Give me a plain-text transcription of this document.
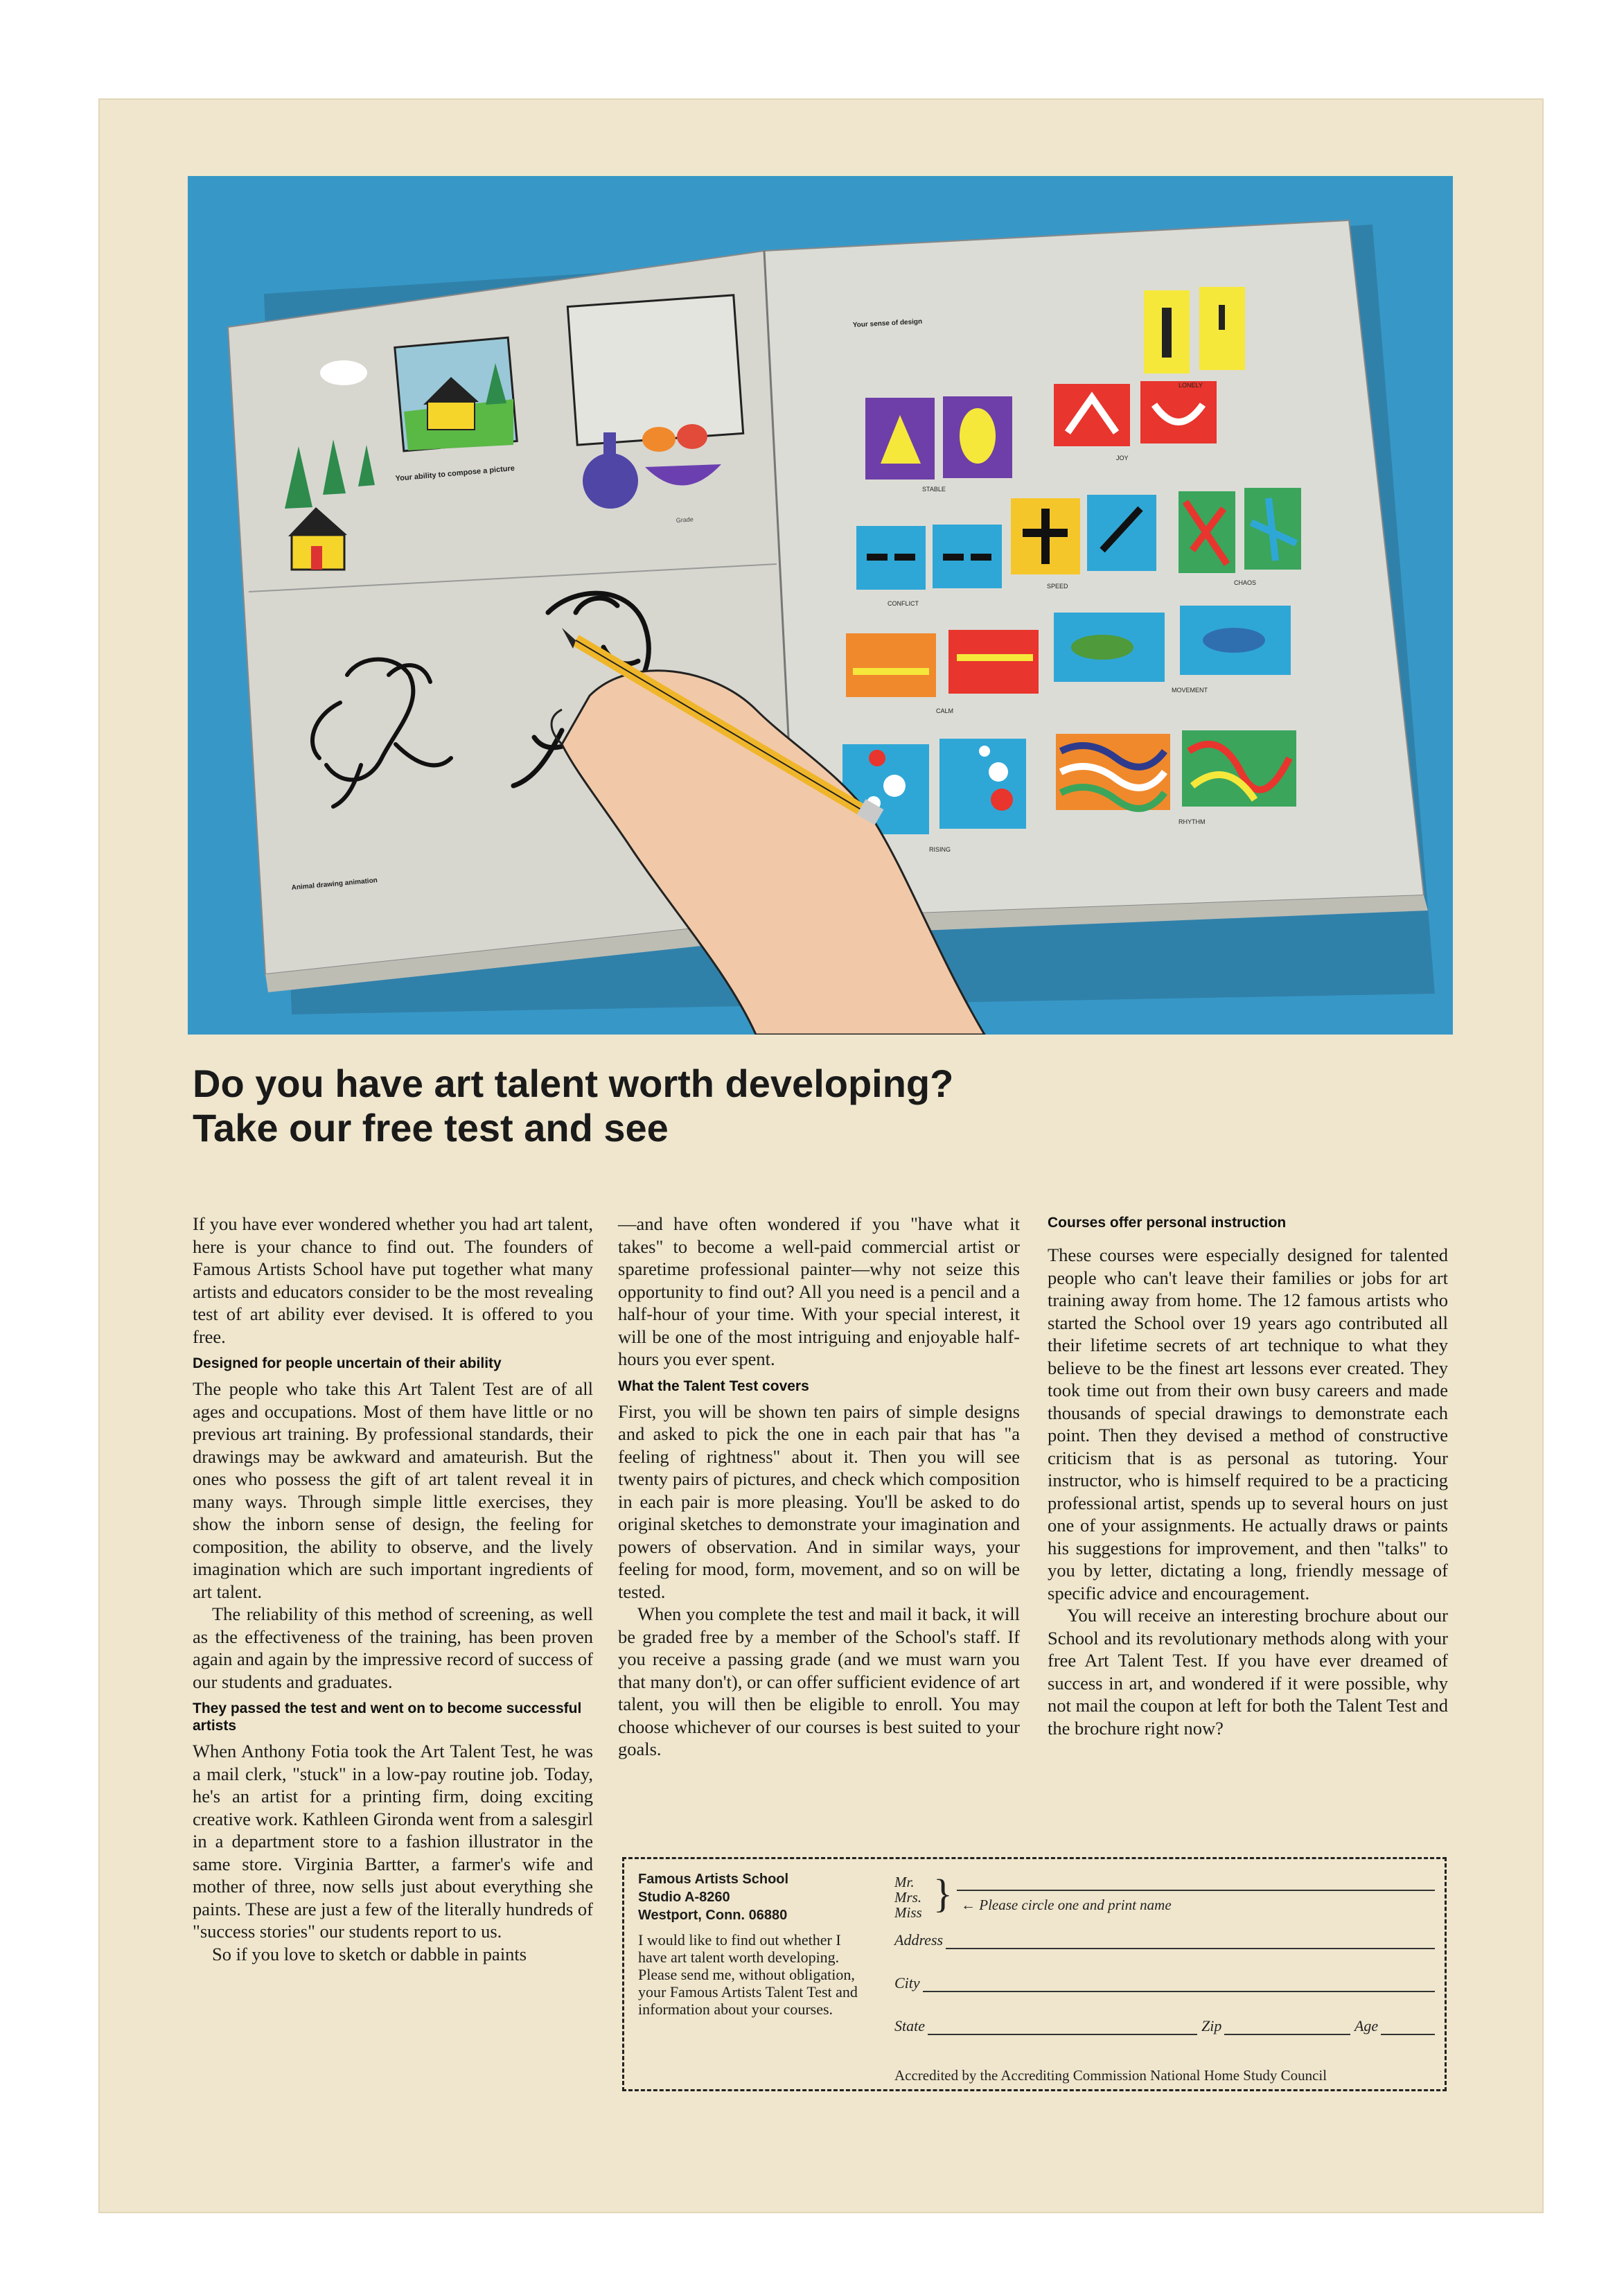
Your ability to compose a picture
Grade
Animal drawing animation
Your sense of design
LONELY
STABLE
JOY
CONFLICT
SPEED	CHAOS
CALM
MOVEMENT
RISING
RHYTHM
Do you have art talent worth developing?
Take our free test and see

If you have ever wondered whether you had art talent, here is your chance to find out. The founders of Famous Artists School have put together what many artists and educators consider to be the most revealing test of art ability ever devised. It is offered to you free.

Designed for people uncertain of their ability

The people who take this Art Talent Test are of all ages and occupations. Most of them have little or no previous art training. By professional standards, their drawings may be awkward and amateurish. But the ones who possess the gift of art talent reveal it in many ways. Through simple little exercises, they show the inborn sense of design, the feeling for composition, the ability to observe, and the lively imagination which are such important ingredients of art talent.

The reliability of this method of screening, as well as the effectiveness of the training, has been proven again and again by the impressive record of success of our students and graduates.

They passed the test and went on to become successful artists

When Anthony Fotia took the Art Talent Test, he was a mail clerk, "stuck" in a low-pay routine job. Today, he's an artist for a printing firm, doing exciting creative work. Kathleen Gironda went from a salesgirl in a department store to a fashion illustrator in the same store. Virginia Bartter, a farmer's wife and mother of three, now sells just about everything she paints. These are just a few of the literally hundreds of "success stories" our students report to us.

So if you love to sketch or dabble in paints

—and have often wondered if you "have what it takes" to become a well-paid commercial artist or sparetime professional painter—why not seize this opportunity to find out? All you need is a pencil and a half-hour of your time. With your special interest, it will be one of the most intriguing and enjoyable half-hours you ever spent.

What the Talent Test covers

First, you will be shown ten pairs of simple designs and asked to pick the one in each pair that has "a feeling of rightness" about it. Then you will see twenty pairs of pictures, and check which composition in each pair is more pleasing. You'll be asked to do original sketches to demonstrate your imagination and powers of observation. And in similar ways, your feeling for mood, form, movement, and so on will be tested.

When you complete the test and mail it back, it will be graded free by a member of the School's staff. If you receive a passing grade (and we must warn you that many don't), or can offer sufficient evidence of art talent, you will then be eligible to enroll. You may choose whichever of our courses is best suited to your goals.

Courses offer personal instruction

These courses were especially designed for talented people who can't leave their families or jobs for art training away from home. The 12 famous artists who started the School over 19 years ago contributed all their lifetime secrets of art technique to what they believe to be the finest art lessons ever created. They took time out from their own busy careers and made thousands of special drawings to demonstrate each point. Then they devised a method of constructive criticism that is as personal as tutoring. Your instructor, who is himself required to be a practicing professional artist, spends up to several hours on just one of your assignments. He actually draws or paints his suggestions for improvement, and then "talks" to you by letter, dictating a long, friendly message of specific advice and encouragement.

You will receive an interesting brochure about our School and its revolutionary methods along with your free Art Talent Test. If you have ever dreamed of success in art, and wondered if it were possible, why not mail the coupon at left for both the Talent Test and the brochure right now?

Famous Artists School
Studio A-8260
Westport, Conn. 06880

I would like to find out whether I have art talent worth developing. Please send me, without obligation, your Famous Artists Talent Test and information about your courses.

Mr.
Mrs.
Miss } ← Please circle one and print name
Address
City
State	Zip	Age
Accredited by the Accrediting Commission National Home Study Council
